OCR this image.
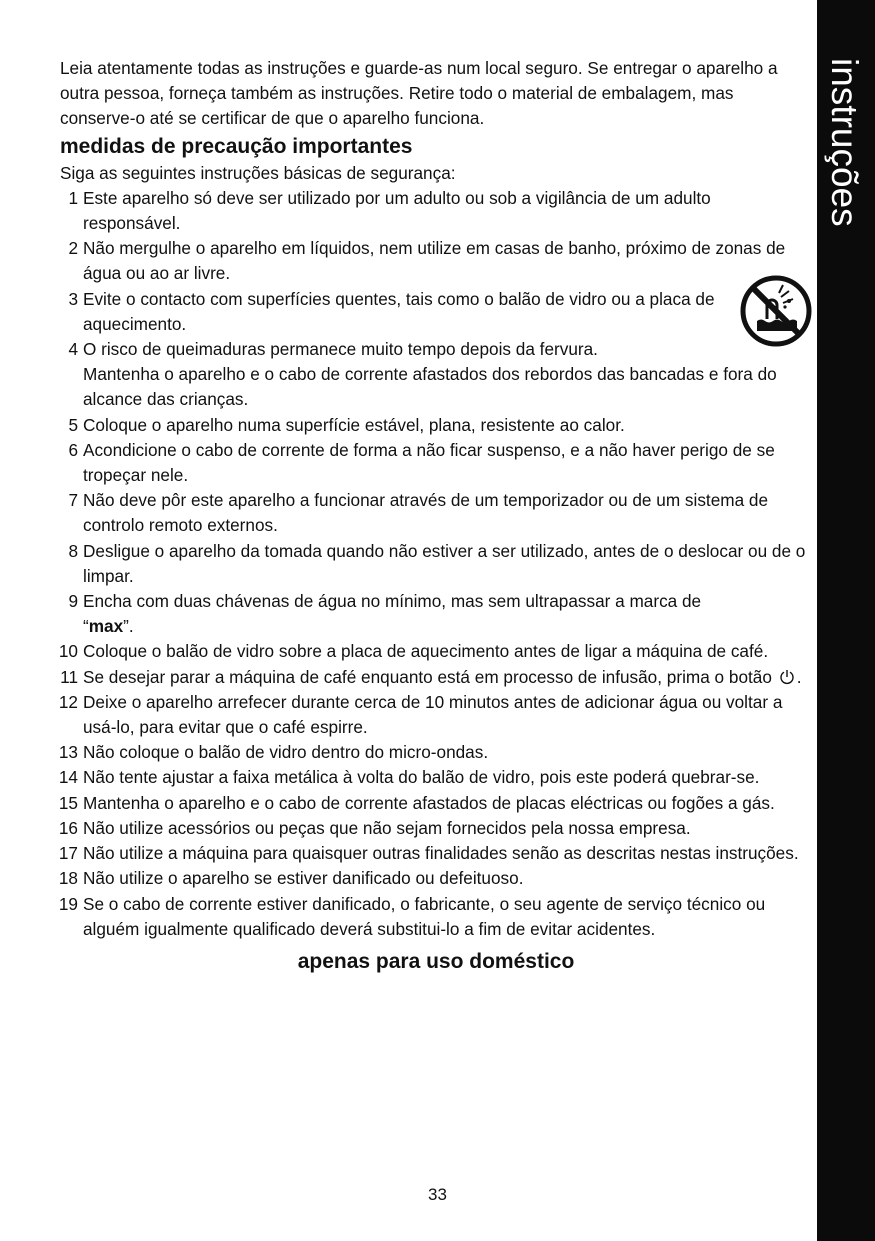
instruções

Leia atentamente todas as instruções e guarde-as num local seguro. Se entregar o aparelho a outra pessoa, forneça também as instruções. Retire todo o material de embalagem, mas conserve-o até se certificar de que o aparelho funciona.

medidas de precaução importantes

Siga as seguintes instruções básicas de segurança:

1 Este aparelho só deve ser utilizado por um adulto ou sob a vigilância de um adulto responsável.
2 Não mergulhe o aparelho em líquidos, nem utilize em casas de banho, próximo de zonas de água ou ao ar livre.
3 Evite o contacto com superfícies quentes, tais como o balão de vidro ou a placa de aquecimento.
4 O risco de queimaduras permanece muito tempo depois da fervura.
Mantenha o aparelho e o cabo de corrente afastados dos rebordos das bancadas e fora do alcance das crianças.
5 Coloque o aparelho numa superfície estável, plana, resistente ao calor.
6 Acondicione o cabo de corrente de forma a não ficar suspenso, e a não haver perigo de se tropeçar nele.
7 Não deve pôr este aparelho a funcionar através de um temporizador ou de um sistema de controlo remoto externos.
8 Desligue o aparelho da tomada quando não estiver a ser utilizado, antes de o deslocar ou de o limpar.
9 Encha com duas chávenas de água no mínimo, mas sem ultrapassar a marca de
“max”.
10 Coloque o balão de vidro sobre a placa de aquecimento antes de ligar a máquina de café.
11 Se desejar parar a máquina de café enquanto está em processo de infusão, prima o botão .
12 Deixe o aparelho arrefecer durante cerca de 10 minutos antes de adicionar água ou voltar a usá-lo, para evitar que o café espirre.
13 Não coloque o balão de vidro dentro do micro-ondas.
14 Não tente ajustar a faixa metálica à volta do balão de vidro, pois este poderá quebrar-se.
15 Mantenha o aparelho e o cabo de corrente afastados de placas eléctricas ou fogões a gás.
16 Não utilize acessórios ou peças que não sejam fornecidos pela nossa empresa.
17 Não utilize a máquina para quaisquer outras finalidades senão as descritas nestas instruções.
18 Não utilize o aparelho se estiver danificado ou defeituoso.
19 Se o cabo de corrente estiver danificado, o fabricante, o seu agente de serviço técnico ou alguém igualmente qualificado deverá substitui-lo a fim de evitar acidentes.

apenas para uso doméstico

33
